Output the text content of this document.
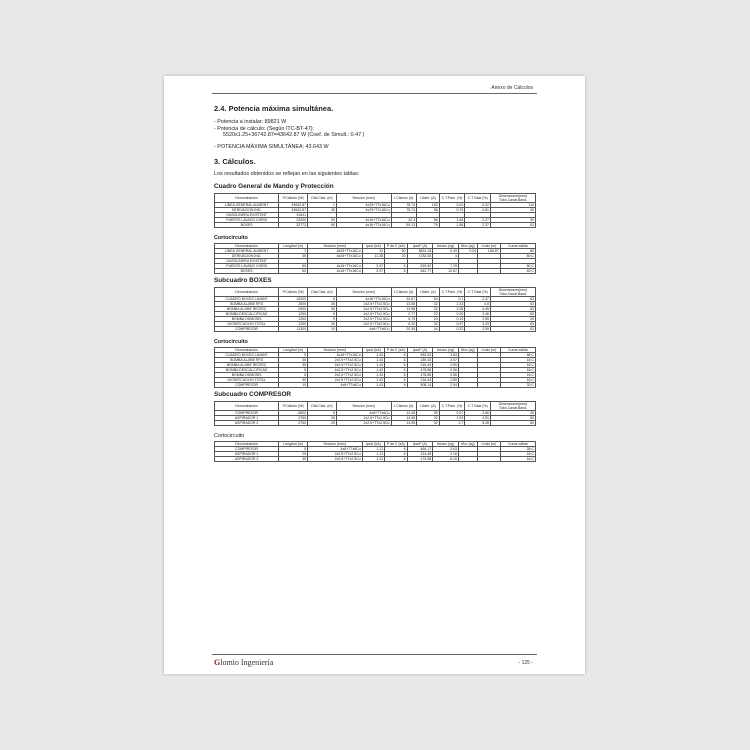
Anexo de Cálculos
2.4. Potencia máxima simultánea.
- Potencia a instalar: 89821 W
- Potencia de cálculo: (Según ITC-BT-47):
5520x1.25+36742.87=43642.87 W (Coef. de Simult.: 0.47 )
- POTENCIA MÁXIMA SIMULTÁNEA: 43.643 W
3. Cálculos.
Los resultados obtenidos se reflejan en las siguientes tablas:
Cuadro General de Mando y Protección
Denominación	P.Cálculo (W)	Dist.Cálc. (m)	Sección (mm²)	I.Cálculo (A)	I.Adm. (A)	C.T.Parc. (%)	C.T.Total (%)	Dimensiones(mm) Tubo,Canal,Band.
LINEA GENERAL ALIMENT	43642.87	1	4x25+TTx16Cu	78.74	100	0.02	0.02	110
DERIVACION IND.	43642.87	35	4x25+TTx16Cu	78.74	96	0.79	0.81	90
GASOLINERA EXISTENT	31641							
PUENTE LAVADO CHRIS	23000	50	4x16+TTx16Cu	42.4	56	1.46	2.27	90
BOXES	32772	60	4x16+TTx16Cu	59.13	76	1.56	2.37	63
Cortocircuito
Denominación	Longitud (m)	Sección (mm²)	IpccI (kA)	P de C (kA)	IpccF (A)	tmcicc (sg)	tficc (sg)	Lmáx (m)	Curva válida
LINEA GENERAL ALIMENT	1	4x25+TTx16Cu	12	50	5831.15	0.49	0.04	166.67	80
DERIVACION IND.	35	4x25+TTx16Cu	11.38	20	1782.53	4			80;C
GASOLINERA EXISTENT									
PUENTE LAVADO CHRIS	50	4x16+TTx16Cu	3.97	6	529.52	7.29			50;C
BOXES	60	4x16+TTx16Cu	3.97	6	642.77	12.67			63;C
Subcuadro BOXES
Denominación	P.Cálculo (W)	Dist.Cálc. (m)	Sección (mm²)	I.Cálculo (A)	I.Adm. (A)	C.T.Parc. (%)	C.T.Total (%)	Dimensiones(mm) Tubo,Canal,Band.
CUADRO BOXES LAVANT	10000	5	4x16+TTx16Cu	20.67	54	0.1	2.47	63
BOMBA ALJIBE RFD	2500	35	2x2.5+TTx2.5Cu	13.58	32	2.43	4.8	63
BOMBA ALJIBE RECIRC	2500	30	2x2.5+TTx2.5Cu	13.58	32	2.08	4.45	63
BOMBA DESCALCIFICAD	1250	5	4x2.5+TTx2.5Cu	0.77	22	0.05	2.46	63
BOMBA OSMOSIS	1250	5	2x2.5+TTx2.5Cu	6.79	24	0.19	2.55	20
DIOSIFICACION TOTAL	1250	30	2x2.5+TTx2.5Cu	6.32	32	0.97	3.33	63
COMPRESOR	11300	10	4x6+TTx6Cu	20.39	44	0.22	2.59	63
Cortocircuito
Denominación	Longitud (m)	Sección (mm²)	IpccI (kA)	P de C (kA)	IpccF (A)	tmcicc (sg)	tficc (sg)	Lmáx (m)	Curva válida
CUADRO BOXES LAVANT	5	4x16+TTx16Cu	1.43	6	582.52	3.83			48;C
BOMBA ALJIBE RFD	35	2x2.5+TTx2.5Cu	1.43	6	189.33	3.57			16;C
BOMBA ALJIBE RECIRC	30	2x2.5+TTx2.5Cu	1.43	6	216.44	2.89			16;C
BOMBA DESCALCIFICAD	5	4x2.5+TTx2.5Cu	1.43	6	478.86	0.56			16;C
BOMBA OSMOSIS	5	2x2.5+TTx2.5Cu	1.43	6	478.86	0.56			16;C
DIOSIFICACION TOTAL	30	2x2.5+TTx2.5Cu	1.43	6	216.44	2.89			16;C
COMPRESOR	10	4x6+TTx6Cu	1.43	6	508.14	2.94			32;C
Subcuadro COMPRESOR
Denominación	P.Cálculo (W)	Dist.Cálc. (m)	Sección (mm²)	I.Cálculo (A)	I.Adm. (A)	C.T.Parc. (%)	C.T.Total (%)	Dimensiones(mm) Tubo,Canal,Band.
COMPRESOR	6800	5	4x6+TTx6Cu	12.45	39	0.07	2.66	25
ASPIRADOR 1	2750	25	2x2.5+TTx2.5Cu	14.95	32	1.93	4.51	50
ASPIRADOR 2	2750	25	2x2.5+TTx2.5Cu	14.95	32	2.7	5.28	50
Cortocircuito
Denominación	Longitud (m)	Sección (mm²)	IpccI (kA)	P de C (kA)	IpccF (A)	tmcicc (sg)	tficc (sg)	Lmáx (m)	Curva válida
COMPRESOR	5	4x6+TTx6Cu	1.11	6	464.17	3.63			25;C
ASPIRADOR 1	25	2x2.5+TTx2.5Cu	1.11	6	214.45	2.18			16;C
ASPIRADOR 2	35	2x2.5+TTx2.5Cu	1.11	6	174.58	6.16			16;C
Glomio Ingeniería	- 125 -
